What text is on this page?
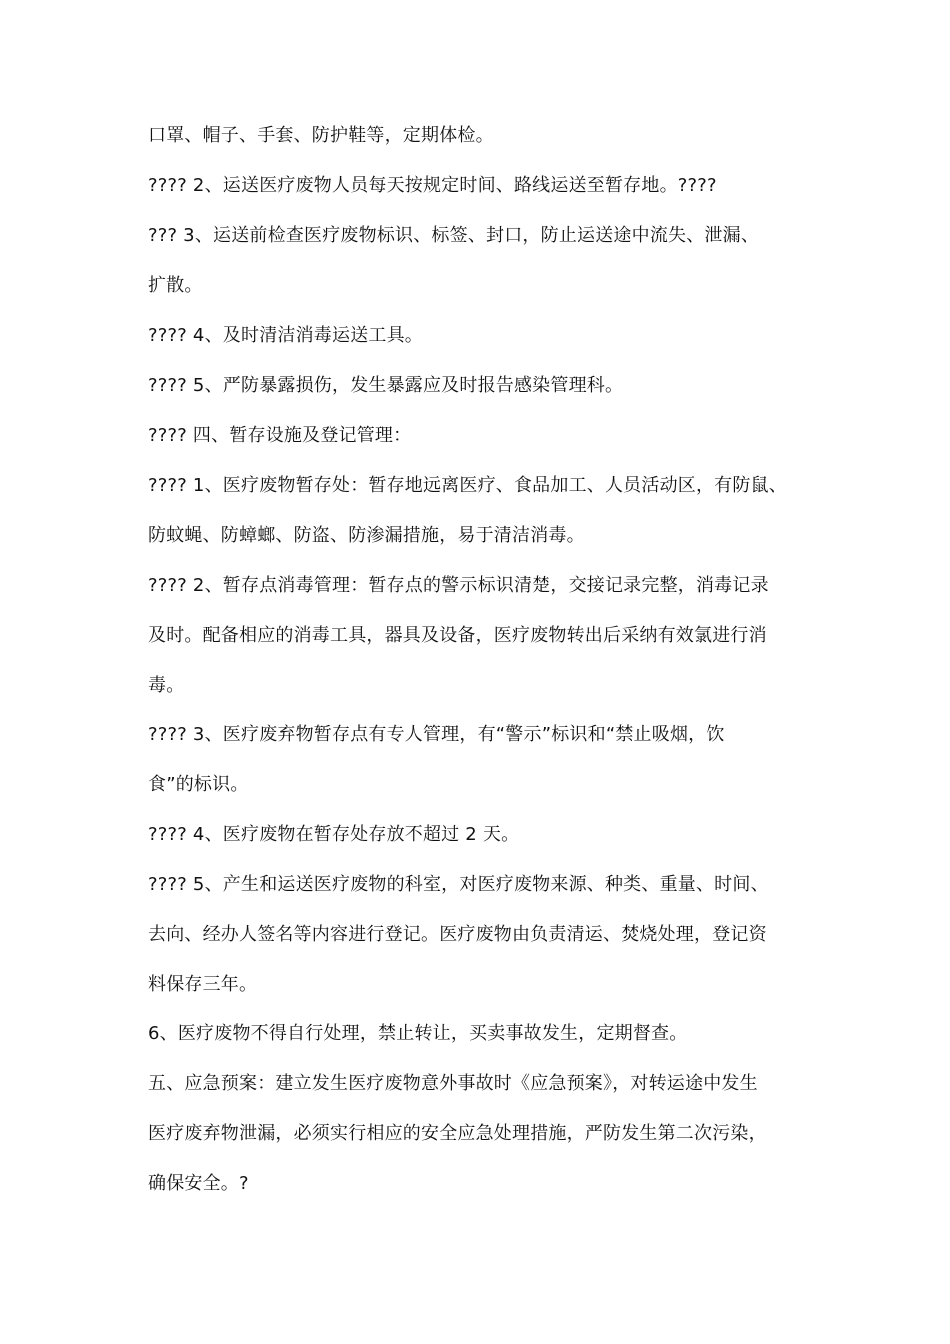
口罩、帽子、手套、防护鞋等，定期体检。
???? 2、运送医疗废物人员每天按规定时间、路线运送至暂存地。????
??? 3、运送前检查医疗废物标识、标签、封口，防止运送途中流失、泄漏、
扩散。
???? 4、及时清洁消毒运送工具。
???? 5、严防暴露损伤，发生暴露应及时报告感染管理科。
???? 四、暂存设施及登记管理：
???? 1、医疗废物暂存处：暂存地远离医疗、食品加工、人员活动区，有防鼠、
防蚊蝇、防蟑螂、防盗、防渗漏措施，易于清洁消毒。
???? 2、暂存点消毒管理：暂存点的警示标识清楚，交接记录完整，消毒记录
及时。配备相应的消毒工具，器具及设备，医疗废物转出后采纳有效氯进行消
毒。
???? 3、医疗废弃物暂存点有专人管理，有“警示”标识和“禁止吸烟，饮
食”的标识。
???? 4、医疗废物在暂存处存放不超过 2 天。
???? 5、产生和运送医疗废物的科室，对医疗废物来源、种类、重量、时间、
去向、经办人签名等内容进行登记。医疗废物由负责清运、焚烧处理，登记资
料保存三年。
6、医疗废物不得自行处理，禁止转让，买卖事故发生，定期督查。
五、应急预案：建立发生医疗废物意外事故时《应急预案》，对转运途中发生
医疗废弃物泄漏，必须实行相应的安全应急处理措施，严防发生第二次污染，
确保安全。?
